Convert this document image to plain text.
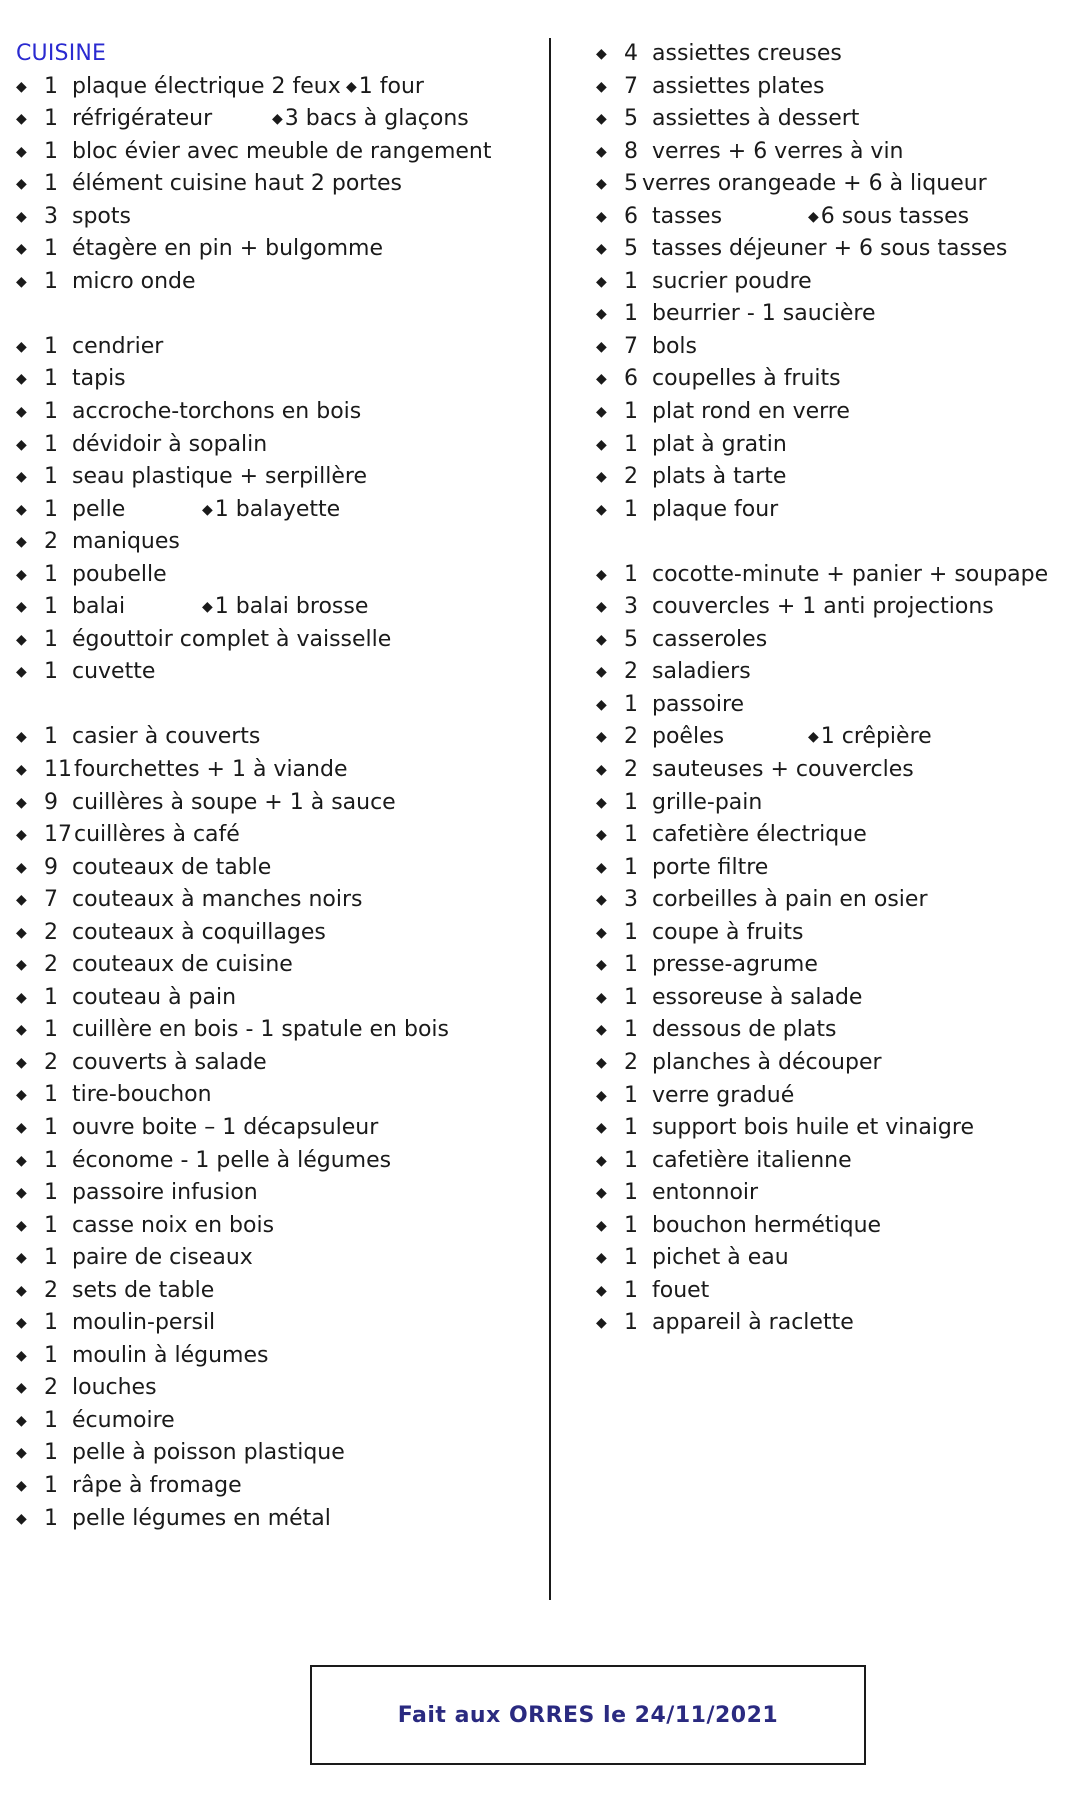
CUISINE
◆ 1 plaque électrique 2 feux ◆1 four
◆ 1 réfrigérateur	◆3 bacs à glaçons
◆ 1 bloc évier avec meuble de rangement
◆ 1 élément cuisine haut 2 portes
◆ 3 spots
◆ 1 étagère en pin + bulgomme
◆ 1 micro onde
◆ 1 cendrier
◆ 1 tapis
◆ 1 accroche-torchons en bois
◆ 1 dévidoir à sopalin
◆ 1 seau plastique + serpillère
◆ 1 pelle	◆1 balayette
◆ 2 maniques
◆ 1 poubelle
◆ 1 balai	◆1 balai brosse
◆ 1 égouttoir complet à vaisselle
◆ 1 cuvette
◆ 1 casier à couverts
◆ 11fourchettes + 1 à viande
◆ 9 cuillères à soupe + 1 à sauce
◆ 17cuillères à café
◆ 9 couteaux de table
◆ 7 couteaux à manches noirs
◆ 2 couteaux à coquillages
◆ 2 couteaux de cuisine
◆ 1 couteau à pain
◆ 1 cuillère en bois - 1 spatule en bois
◆ 2 couverts à salade
◆ 1 tire-bouchon
◆ 1 ouvre boite – 1 décapsuleur
◆ 1 économe - 1 pelle à légumes
◆ 1 passoire infusion
◆ 1 casse noix en bois
◆ 1 paire de ciseaux
◆ 2 sets de table
◆ 1 moulin-persil
◆ 1 moulin à légumes
◆ 2 louches
◆ 1 écumoire
◆ 1 pelle à poisson plastique
◆ 1 râpe à fromage
◆ 1 pelle légumes en métal
◆ 4 assiettes creuses
◆ 7 assiettes plates
◆ 5 assiettes à dessert
◆ 8 verres + 6 verres à vin
◆ 5 verres orangeade + 6 à liqueur
◆ 6 tasses	◆6 sous tasses
◆ 5 tasses déjeuner + 6 sous tasses
◆ 1 sucrier poudre
◆ 1 beurrier - 1 saucière
◆ 7 bols
◆ 6 coupelles à fruits
◆ 1 plat rond en verre
◆ 1 plat à gratin
◆ 2 plats à tarte
◆ 1 plaque four
◆ 1 cocotte-minute + panier + soupape
◆ 3 couvercles + 1 anti projections
◆ 5 casseroles
◆ 2 saladiers
◆ 1 passoire
◆ 2 poêles	◆1 crêpière
◆ 2 sauteuses + couvercles
◆ 1 grille-pain
◆ 1 cafetière électrique
◆ 1 porte filtre
◆ 3 corbeilles à pain en osier
◆ 1 coupe à fruits
◆ 1 presse-agrume
◆ 1 essoreuse à salade
◆ 1 dessous de plats
◆ 2 planches à découper
◆ 1 verre gradué
◆ 1 support bois huile et vinaigre
◆ 1 cafetière italienne
◆ 1 entonnoir
◆ 1 bouchon hermétique
◆ 1 pichet à eau
◆ 1 fouet
◆ 1 appareil à raclette
Fait aux ORRES le 24/11/2021
